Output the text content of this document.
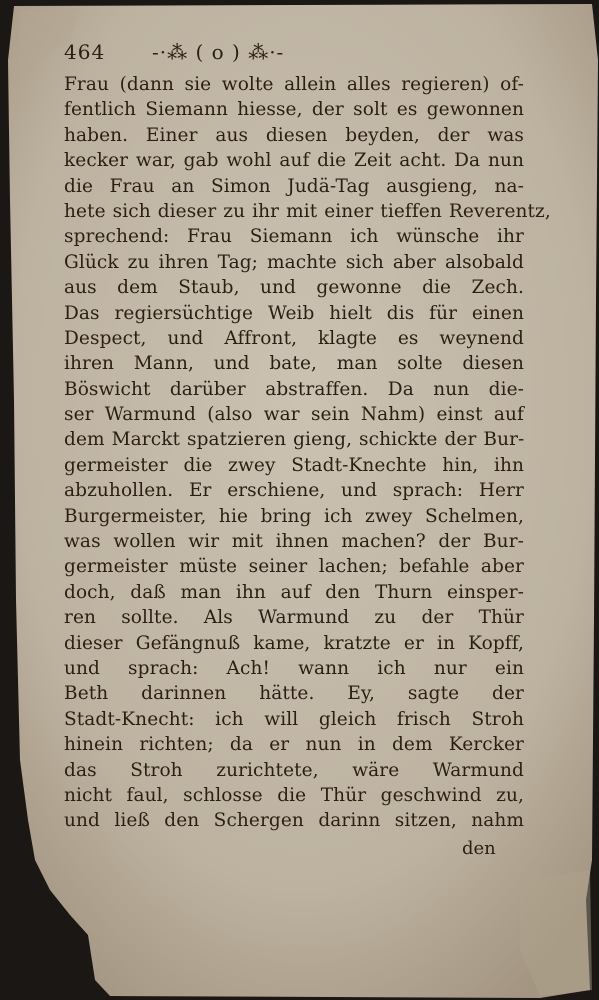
464 -·⁂ ( o ) ⁂·-
Frau (dann sie wolte allein alles regieren) of-
fentlich Siemann hiesse, der solt es gewonnen
haben. Einer aus diesen beyden, der was
kecker war, gab wohl auf die Zeit acht. Da nun
die Frau an Simon Judä-Tag ausgieng, na-
hete sich dieser zu ihr mit einer tieffen Reverentz,
sprechend: Frau Siemann ich wünsche ihr
Glück zu ihren Tag; machte sich aber alsobald
aus dem Staub, und gewonne die Zech.
Das regiersüchtige Weib hielt dis für einen
Despect, und Affront, klagte es weynend
ihren Mann, und bate, man solte diesen
Böswicht darüber abstraffen. Da nun die-
ser Warmund (also war sein Nahm) einst auf
dem Marckt spatzieren gieng, schickte der Bur-
germeister die zwey Stadt-Knechte hin, ihn
abzuhollen. Er erschiene, und sprach: Herr
Burgermeister, hie bring ich zwey Schelmen,
was wollen wir mit ihnen machen? der Bur-
germeister müste seiner lachen; befahle aber
doch, daß man ihn auf den Thurn einsper-
ren sollte. Als Warmund zu der Thür
dieser Gefängnuß kame, kratzte er in Kopff,
und sprach: Ach! wann ich nur ein
Beth darinnen hätte. Ey, sagte der
Stadt-Knecht: ich will gleich frisch Stroh
hinein richten; da er nun in dem Kercker
das Stroh zurichtete, wäre Warmund
nicht faul, schlosse die Thür geschwind zu,
und ließ den Schergen darinn sitzen, nahm
den
